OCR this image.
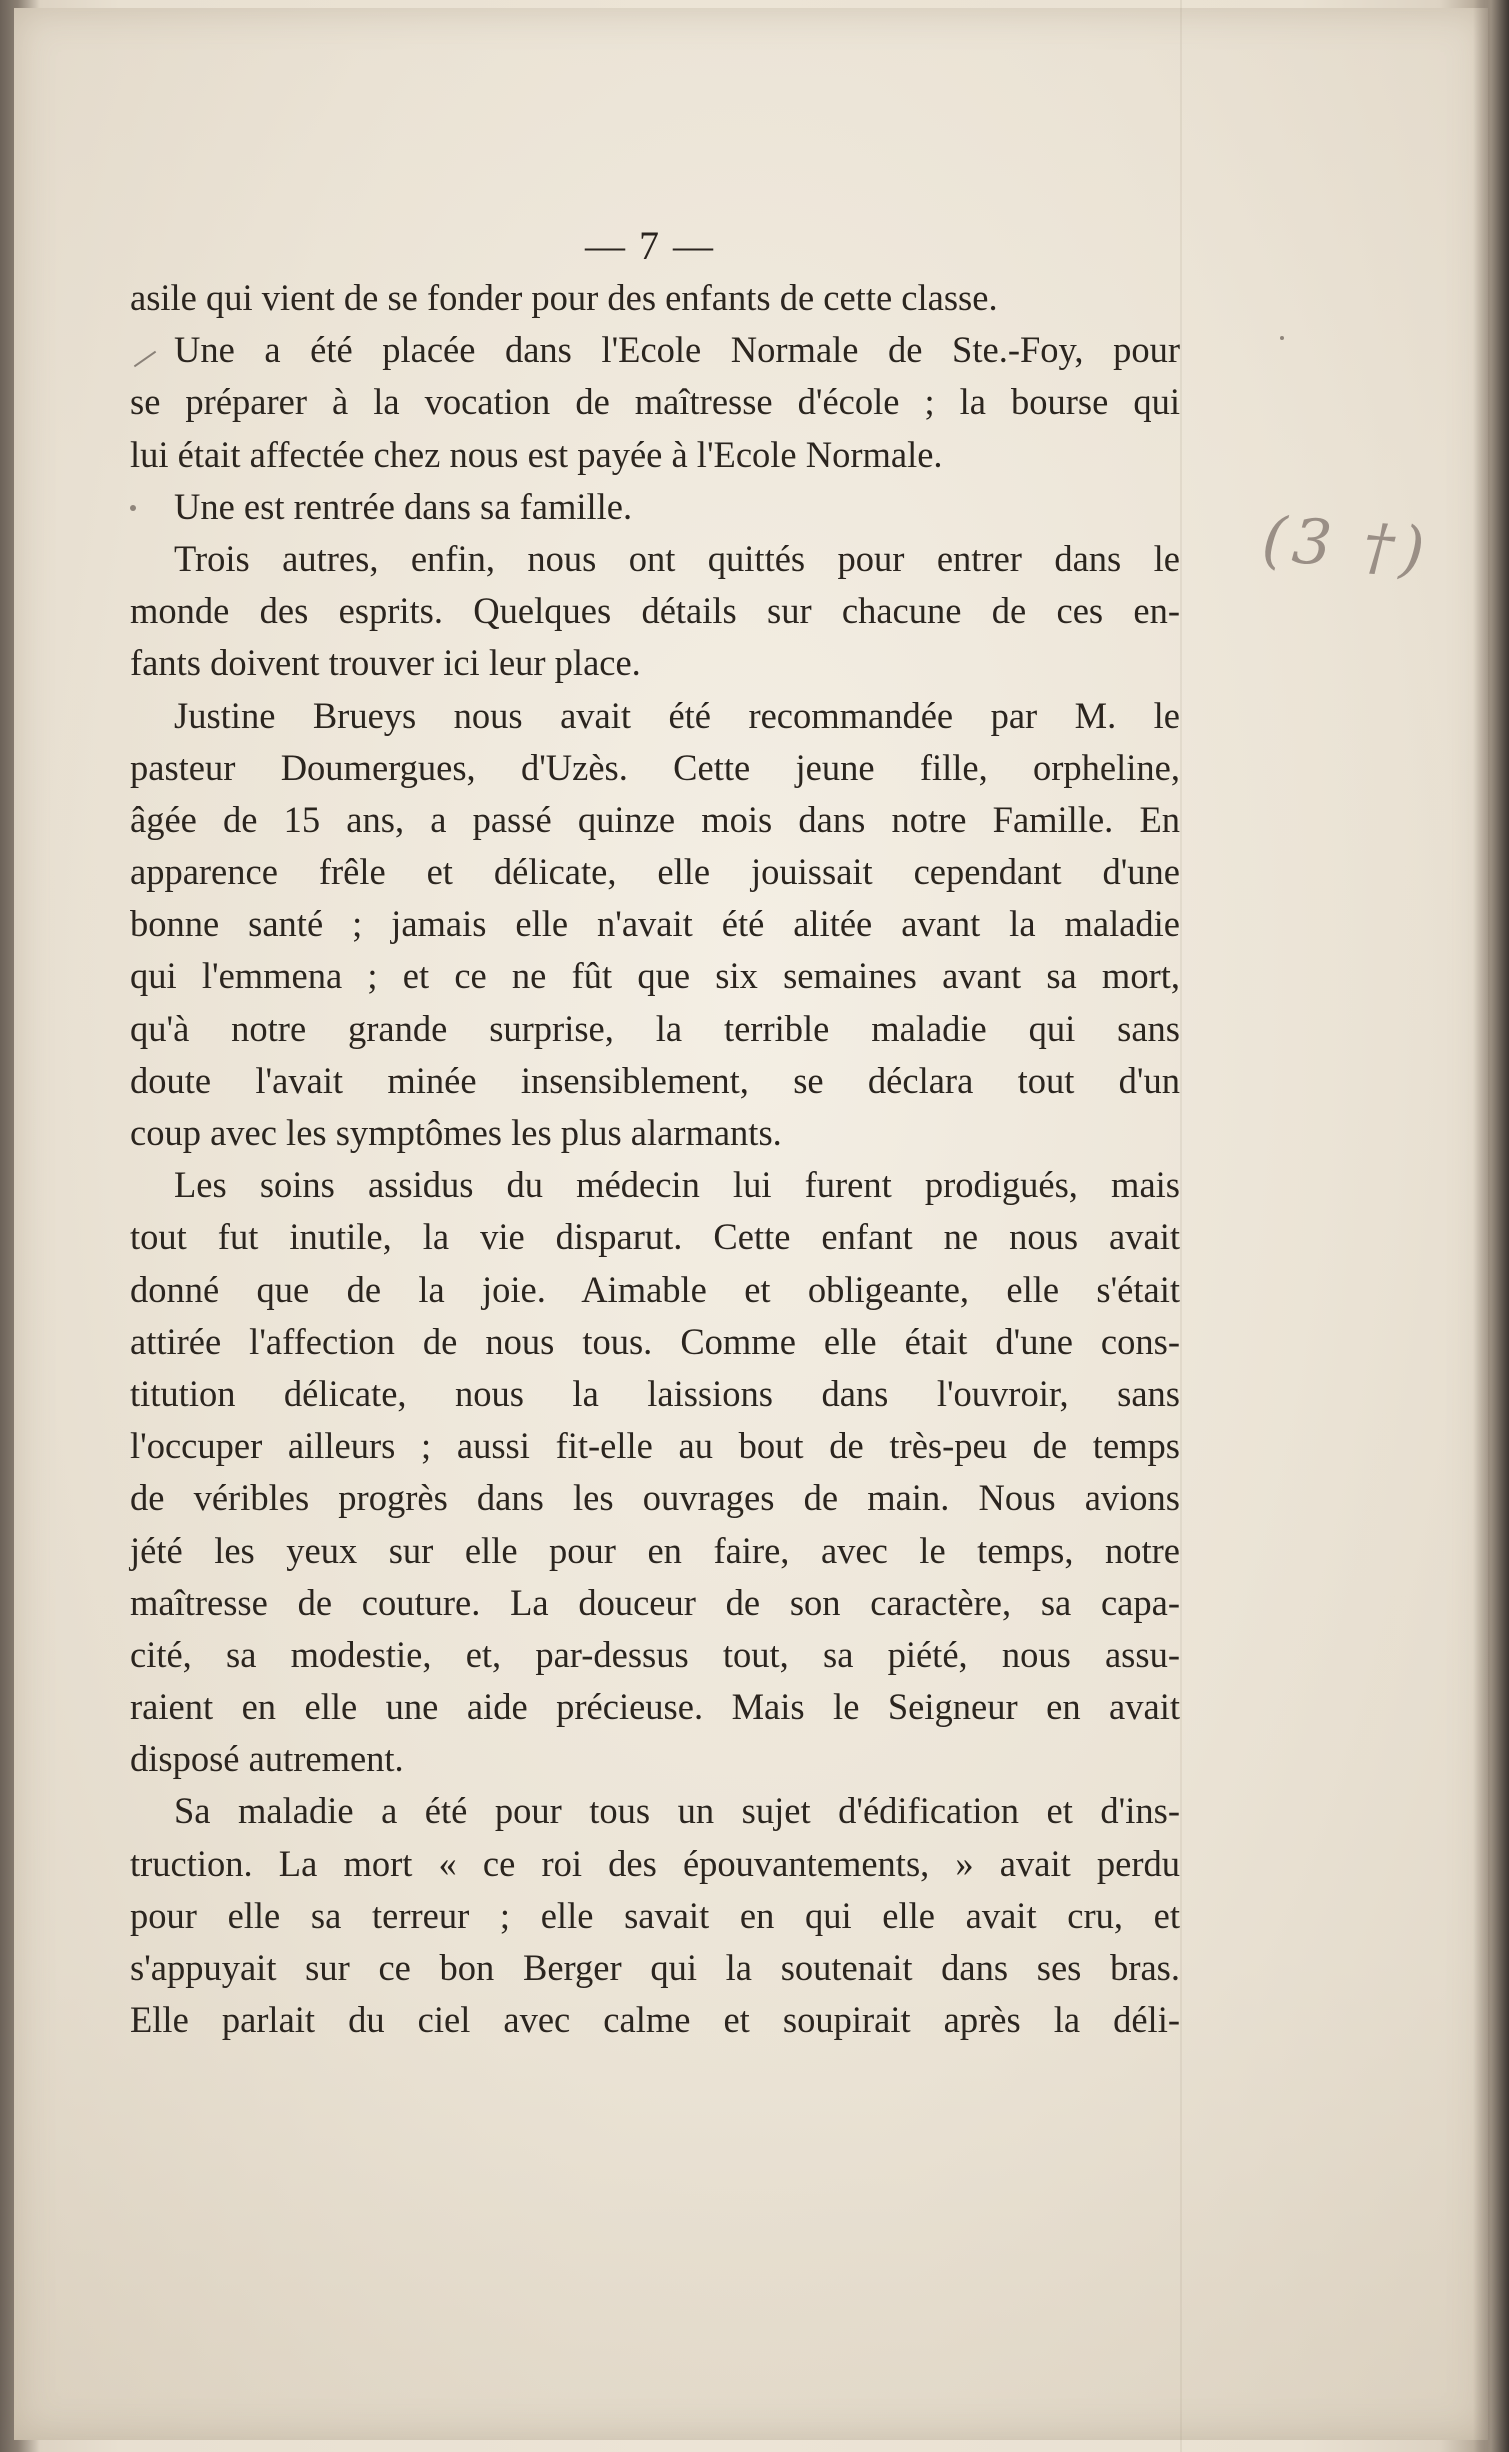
— 7 —
(3 †)
asile qui vient de se fonder pour des enfants de cette classe.
Une a été placée dans l'Ecole Normale de Ste.-Foy, pour
se préparer à la vocation de maîtresse d'école ; la bourse qui
lui était affectée chez nous est payée à l'Ecole Normale.
Une est rentrée dans sa famille.
Trois autres, enfin, nous ont quittés pour entrer dans le
monde des esprits. Quelques détails sur chacune de ces en-
fants doivent trouver ici leur place.
Justine Brueys nous avait été recommandée par M. le
pasteur Doumergues, d'Uzès. Cette jeune fille, orpheline,
âgée de 15 ans, a passé quinze mois dans notre Famille. En
apparence frêle et délicate, elle jouissait cependant d'une
bonne santé ; jamais elle n'avait été alitée avant la maladie
qui l'emmena ; et ce ne fût que six semaines avant sa mort,
qu'à notre grande surprise, la terrible maladie qui sans
doute l'avait minée insensiblement, se déclara tout d'un
coup avec les symptômes les plus alarmants.
Les soins assidus du médecin lui furent prodigués, mais
tout fut inutile, la vie disparut. Cette enfant ne nous avait
donné que de la joie. Aimable et obligeante, elle s'était
attirée l'affection de nous tous. Comme elle était d'une cons-
titution délicate, nous la laissions dans l'ouvroir, sans
l'occuper ailleurs ; aussi fit-elle au bout de très-peu de temps
de véribles progrès dans les ouvrages de main. Nous avions
jété les yeux sur elle pour en faire, avec le temps, notre
maîtresse de couture. La douceur de son caractère, sa capa-
cité, sa modestie, et, par-dessus tout, sa piété, nous assu-
raient en elle une aide précieuse. Mais le Seigneur en avait
disposé autrement.
Sa maladie a été pour tous un sujet d'édification et d'ins-
truction. La mort « ce roi des épouvantements, » avait perdu
pour elle sa terreur ; elle savait en qui elle avait cru, et
s'appuyait sur ce bon Berger qui la soutenait dans ses bras.
Elle parlait du ciel avec calme et soupirait après la déli-
